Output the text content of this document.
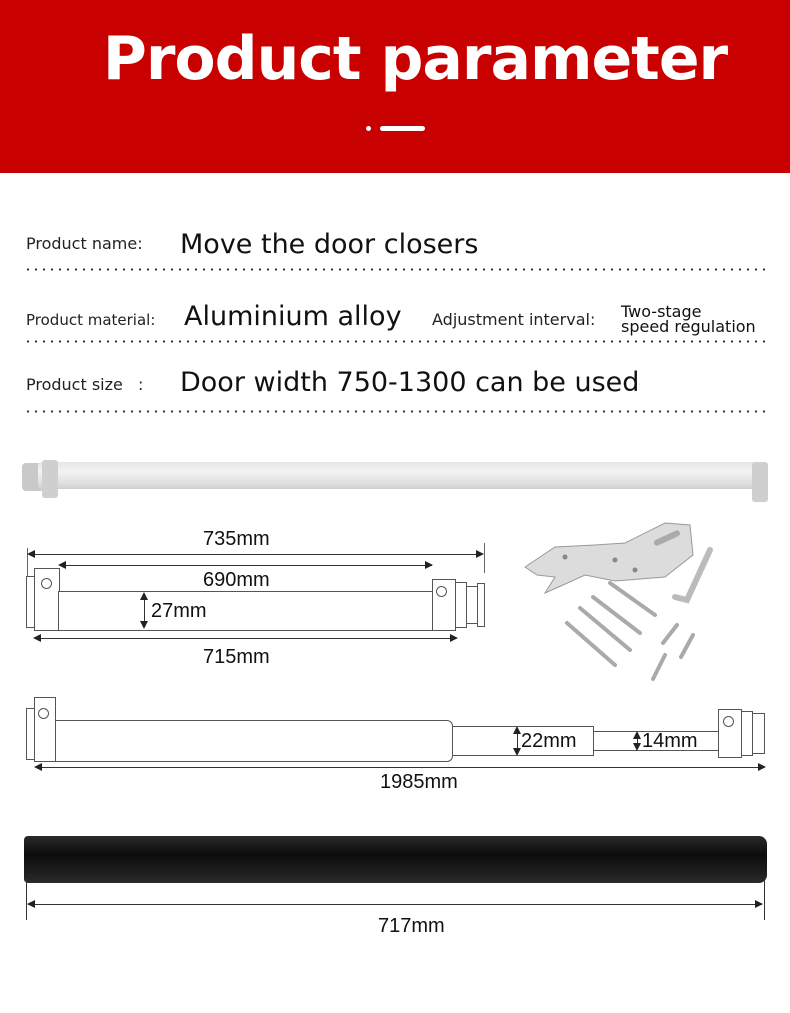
Product parameter
Product name: Move the door closers
Product material: Aluminium alloy Adjustment interval: Two-stage
speed regulation
Product size : Door width 750-1300 can be used
735mm
690mm
27mm
715mm
22mm	14mm
1985mm
717mm
